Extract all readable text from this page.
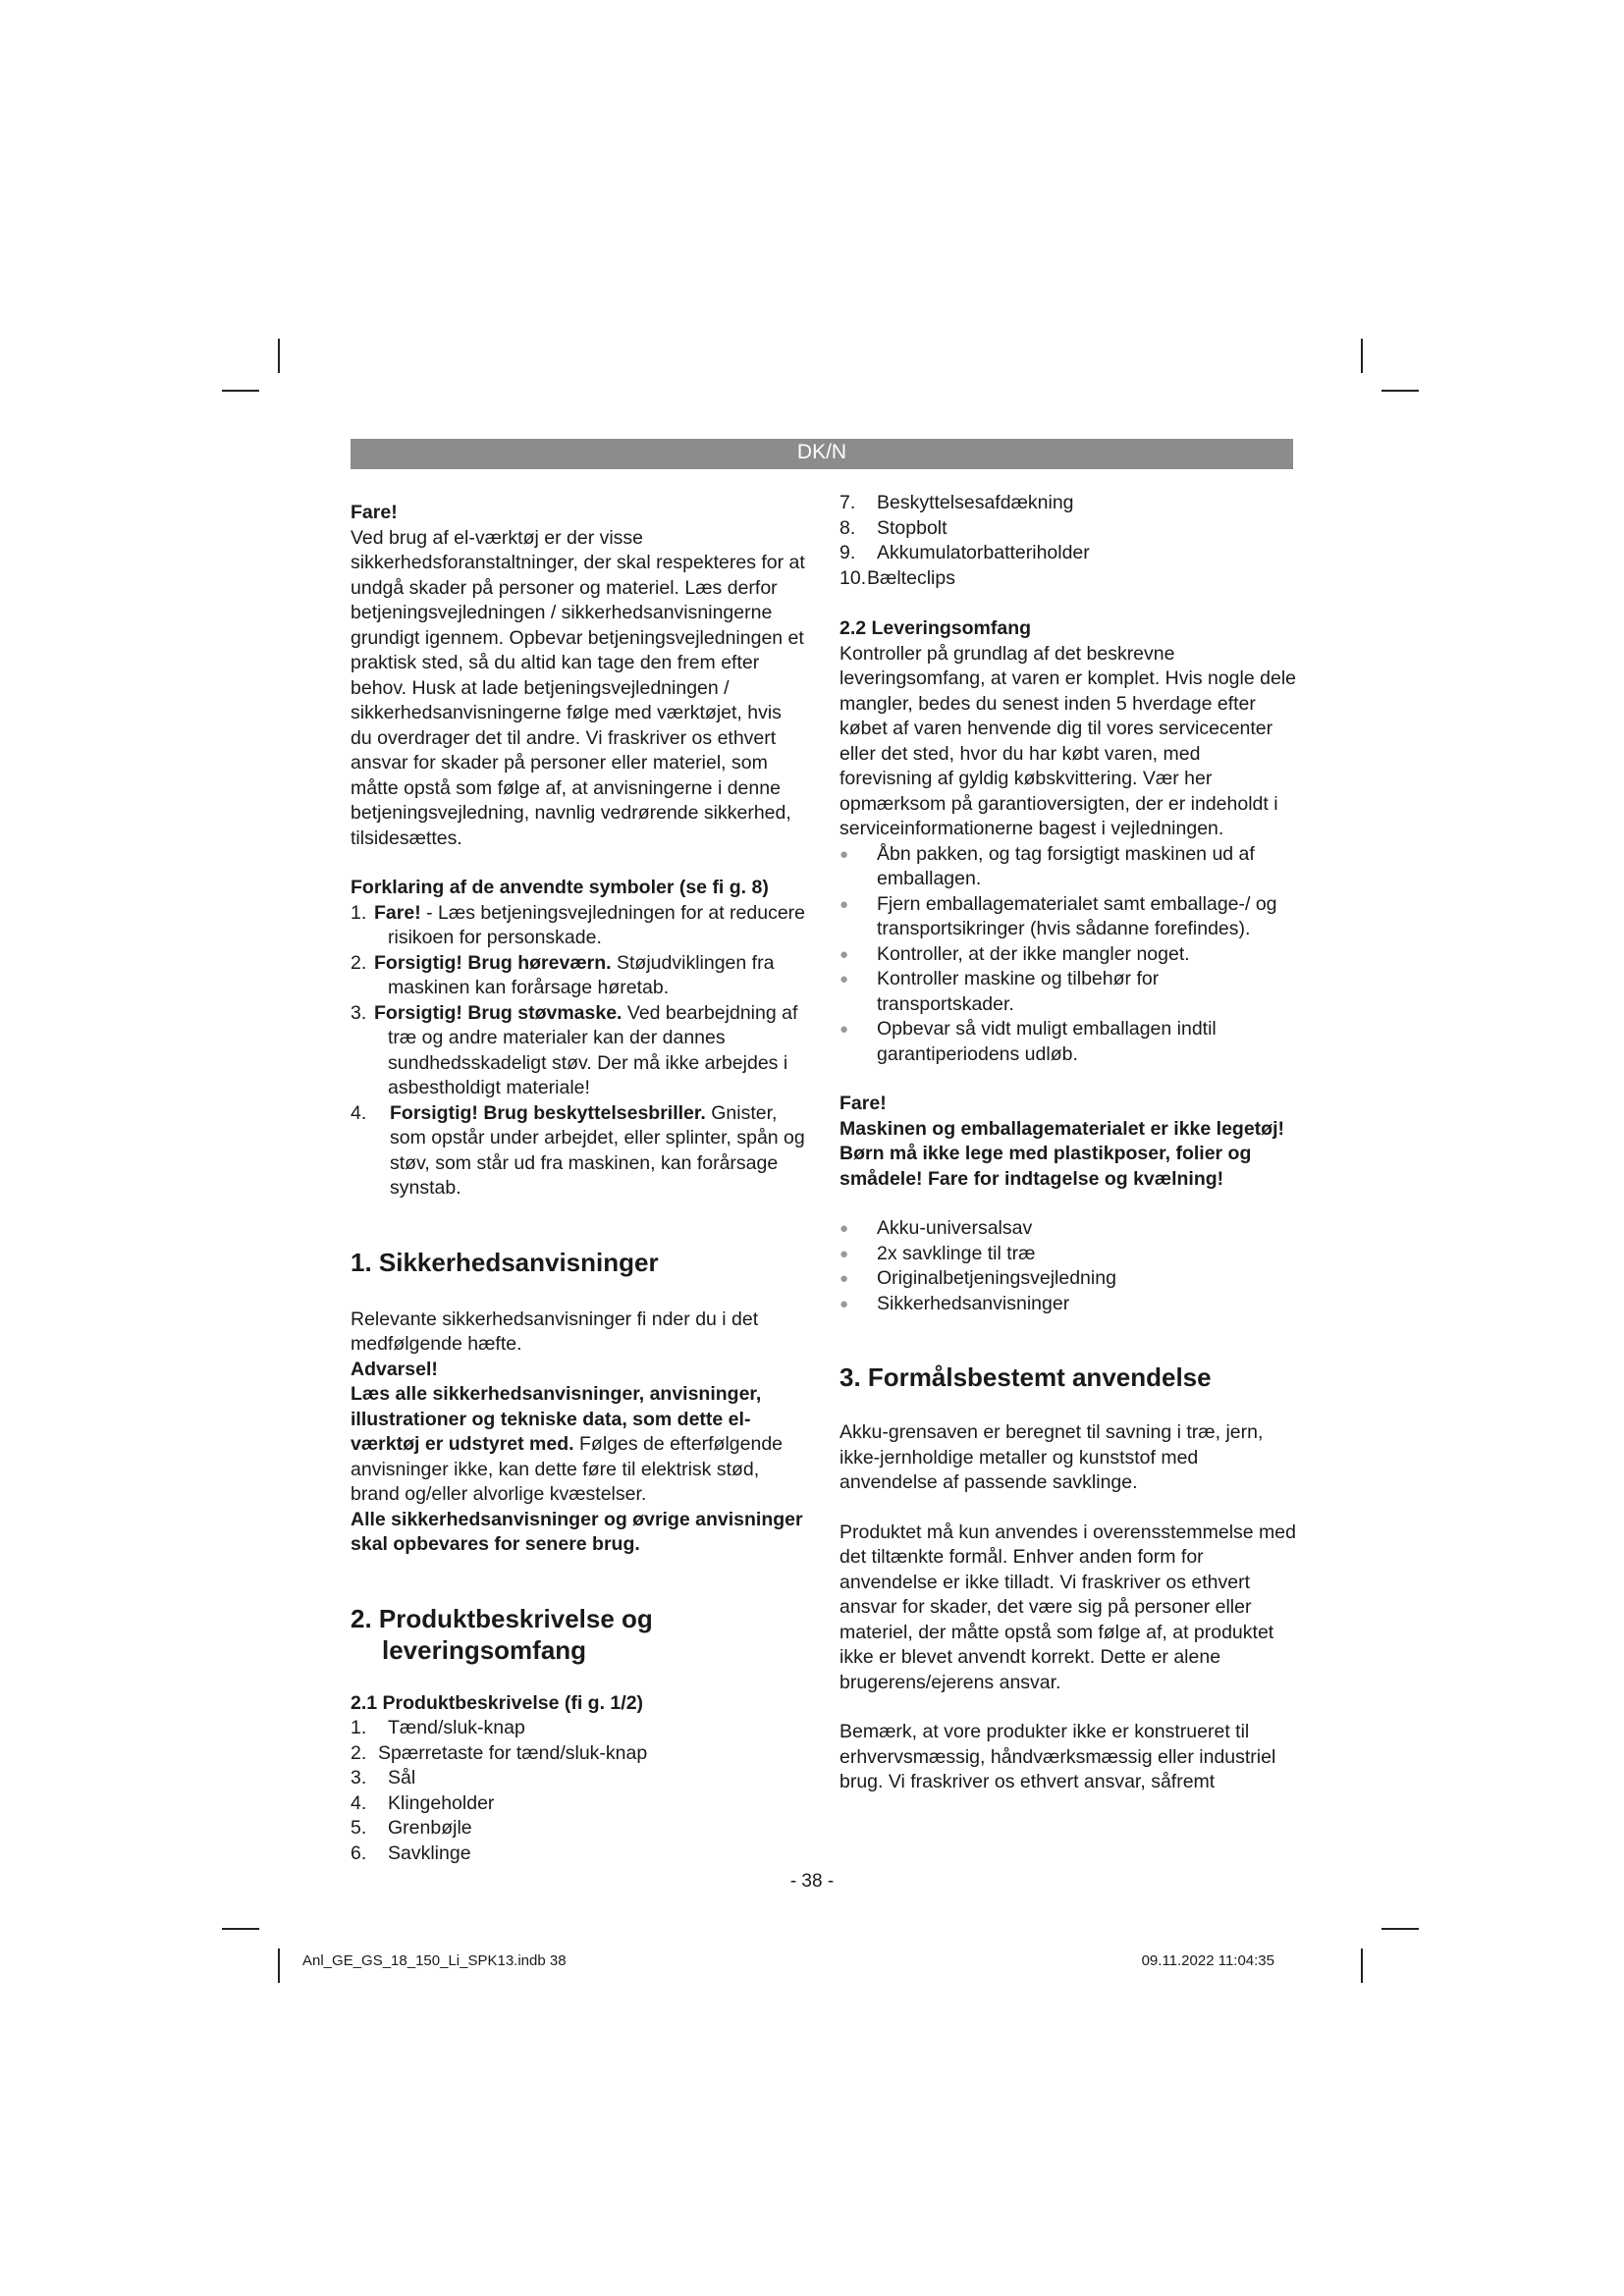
DK/N

Fare!

Ved brug af el-værktøj er der visse sikkerhedsforanstaltninger, der skal respekteres for at undgå skader på personer og materiel. Læs derfor betjeningsvejledningen / sikkerhedsanvisningerne grundigt igennem. Opbevar betjeningsvejledningen et praktisk sted, så du altid kan tage den frem efter behov. Husk at lade betjeningsvejledningen / sikkerhedsanvisningerne følge med værktøjet, hvis du overdrager det til andre. Vi fraskriver os ethvert ansvar for skader på personer eller materiel, som måtte opstå som følge af, at anvisningerne i denne betjeningsvejledning, navnlig vedrørende sikkerhed, tilsidesættes.

Forklaring af de anvendte symboler (se fi g. 8)

1. Fare! - Læs betjeningsvejledningen for at reducere risikoen for personskade.
2. Forsigtig! Brug høreværn. Støjudviklingen fra maskinen kan forårsage høretab.
3. Forsigtig! Brug støvmaske. Ved bearbejdning af træ og andre materialer kan der dannes sundhedsskadeligt støv. Der må ikke arbejdes i asbestholdigt materiale!
4.	Forsigtig! Brug beskyttelsesbriller. Gnister, som opstår under arbejdet, eller splinter, spån og støv, som står ud fra maskinen, kan forårsage synstab.
1. Sikkerhedsanvisninger

Relevante sikkerhedsanvisninger fi nder du i det medfølgende hæfte.

Advarsel!

Læs alle sikkerhedsanvisninger, anvisninger, illustrationer og tekniske data, som dette el-værktøj er udstyret med. Følges de efterfølgende anvisninger ikke, kan dette føre til elektrisk stød, brand og/eller alvorlige kvæstelser.

Alle sikkerhedsanvisninger og øvrige anvisninger skal opbevares for senere brug.

2. Produktbeskrivelse og
leveringsomfang

2.1 Produktbeskrivelse (fi g. 1/2)

1.	Tænd/sluk-knap
2. Spærretaste for tænd/sluk-knap
3.	Sål
4.	Klingeholder
5.	Grenbøjle
6.	Savklinge
7.	Beskyttelsesafdækning
8.	Stopbolt
9.	Akkumulatorbatteriholder
10. Bælteclips

2.2 Leveringsomfang

Kontroller på grundlag af det beskrevne leveringsomfang, at varen er komplet. Hvis nogle dele mangler, bedes du senest inden 5 hverdage efter købet af varen henvende dig til vores servicecenter eller det sted, hvor du har købt varen, med forevisning af gyldig købskvittering. Vær her opmærksom på garantioversigten, der er indeholdt i serviceinformationerne bagest i vejledningen.

●	Åbn pakken, og tag forsigtigt maskinen ud af emballagen.
●	Fjern emballagematerialet samt emballage-/ og transportsikringer (hvis sådanne forefindes).
●	Kontroller, at der ikke mangler noget.
●	Kontroller maskine og tilbehør for transportskader.
●	Opbevar så vidt muligt emballagen indtil garantiperiodens udløb.

Fare!

Maskinen og emballagematerialet er ikke legetøj! Børn må ikke lege med plastikposer, folier og smådele! Fare for indtagelse og kvælning!

●	Akku-universalsav
●	2x savklinge til træ
●	Originalbetjeningsvejledning
●	Sikkerhedsanvisninger
3. Formålsbestemt anvendelse

Akku-grensaven er beregnet til savning i træ, jern, ikke-jernholdige metaller og kunststof med anvendelse af passende savklinge.

Produktet må kun anvendes i overensstemmelse med det tiltænkte formål. Enhver anden form for anvendelse er ikke tilladt. Vi fraskriver os ethvert ansvar for skader, det være sig på personer eller materiel, der måtte opstå som følge af, at produktet ikke er blevet anvendt korrekt. Dette er alene brugerens/ejerens ansvar.

Bemærk, at vore produkter ikke er konstrueret til erhvervsmæssig, håndværksmæssig eller industriel brug. Vi fraskriver os ethvert ansvar, såfremt

- 38 -
Anl_GE_GS_18_150_Li_SPK13.indb 38	09.11.2022 11:04:35
